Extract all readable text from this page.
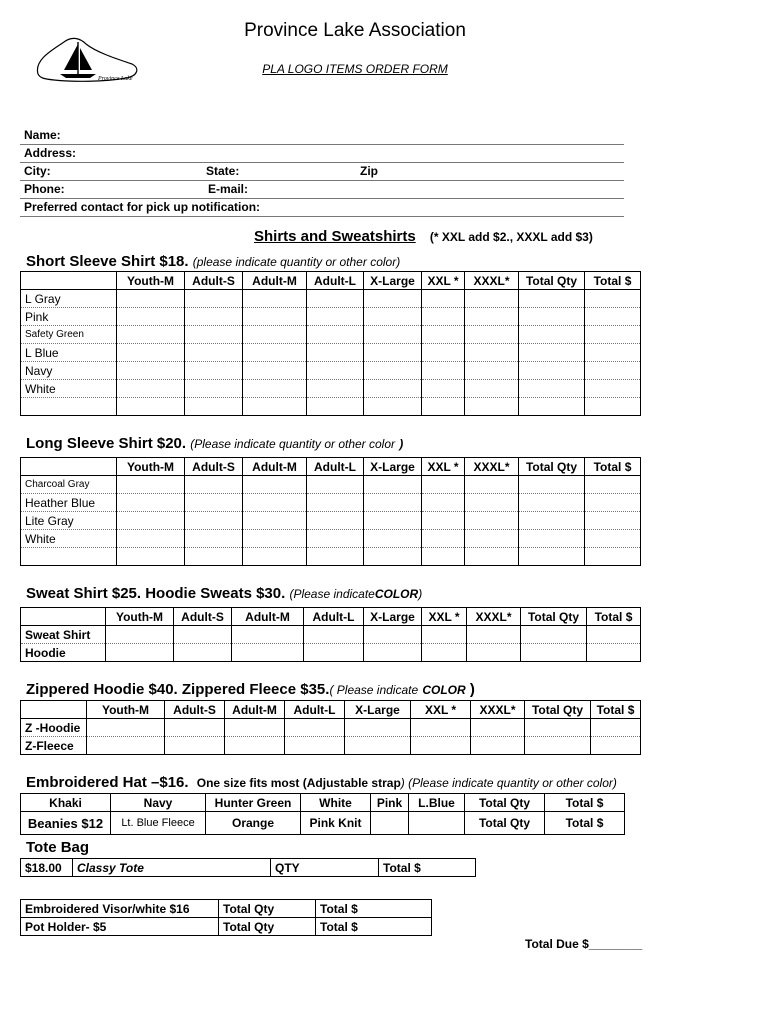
Province Lake Association
PLA LOGO ITEMS ORDER FORM
Province Lake
Name:
Address:
City:	State:	Zip
Phone:	E-mail:
Preferred contact for pick up notification:
Shirts and Sweatshirts (* XXL add $2., XXXL add $3)
Short Sleeve Shirt $18. (please indicate quantity or other color)
	Youth-M	Adult-S	Adult-M	Adult-L	X-Large	XXL *	XXXL*	Total Qty	Total $
L Gray									
Pink									
Safety Green									
L Blue									
Navy									
White									

Long Sleeve Shirt $20. (Please indicate quantity or other color )
	Youth-M	Adult-S	Adult-M	Adult-L	X-Large	XXL *	XXXL*	Total Qty	Total $
Charcoal Gray									
Heather Blue									
Lite Gray									
White									

Sweat Shirt $25. Hoodie Sweats $30. (Please indicateCOLOR)
	Youth-M	Adult-S	Adult-M	Adult-L	X-Large	XXL *	XXXL*	Total Qty	Total $
Sweat Shirt									
Hoodie									
Zippered Hoodie $40. Zippered Fleece $35.( Please indicate COLOR )
	Youth-M	Adult-S	Adult-M	Adult-L	X-Large	XXL *	XXXL*	Total Qty	Total $
Z -Hoodie									
Z-Fleece									
Embroidered Hat –$16. One size fits most (Adjustable strap) (Please indicate quantity or other color)
Khaki	Navy	Hunter Green	White	Pink	L.Blue	Total Qty	Total $
Beanies $12	Lt. Blue Fleece	Orange	Pink Knit			Total Qty	Total $
Tote Bag
$18.00	Classy Tote	QTY	Total $
Embroidered Visor/white $16	Total Qty	Total $
Pot Holder- $5	Total Qty	Total $
Total Due $________
